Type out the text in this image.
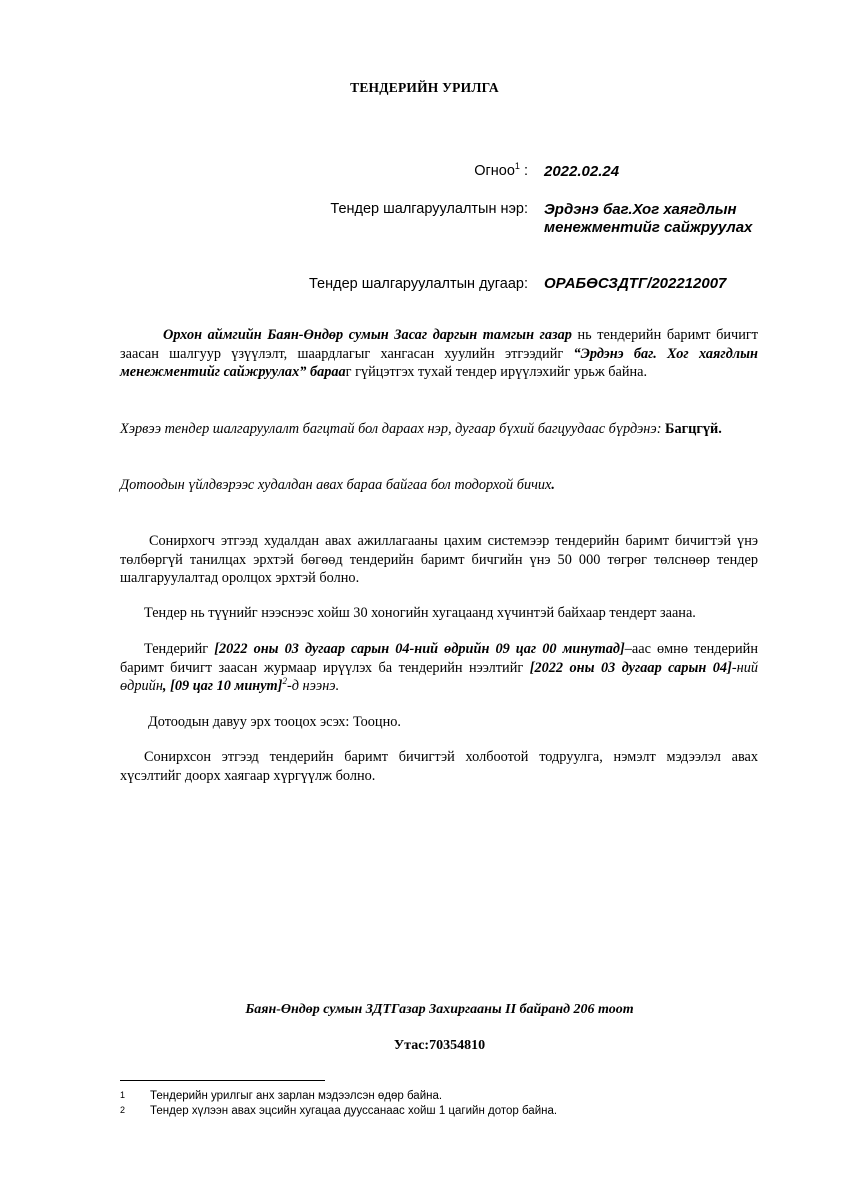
ТЕНДЕРИЙН УРИЛГА
Огноо$^1$ : 2022.02.24
Тендер шалгаруулалтын нэр: Эрдэнэ баг.Хог хаягдлын менежментийг сайжруулах
Тендер шалгаруулалтын дугаар: ОРАБӨСЗДТГ/202212007

Орхон аймгийн Баян-Өндөр сумын Засаг даргын тамгын газар нь тендерийн баримт бичигт заасан шалгуур үзүүлэлт, шаардлагыг хангасан хуулийн этгээдийг “Эрдэнэ баг. Хог хаягдлын менежментийг сайжруулах” барааг гүйцэтгэх тухай тендер ирүүлэхийг урьж байна.

Хэрвээ тендер шалгаруулалт багцтай бол дараах нэр, дугаар бүхий багцуудаас бүрдэнэ: Багцгүй.

Дотоодын үйлдвэрээс худалдан авах бараа байгаа бол тодорхой бичих.

Сонирхогч этгээд худалдан авах ажиллагааны цахим системээр тендерийн баримт бичигтэй үнэ төлбөргүй танилцах эрхтэй бөгөөд тендерийн баримт бичгийн үнэ 50 000 төгрөг төлснөөр тендер шалгаруулалтад оролцох эрхтэй болно.

Тендер нь түүнийг нээснээс хойш 30 хоногийн хугацаанд хүчинтэй байхаар тендерт заана.

Тендерийг [2022 оны 03 дугаар сарын 04-ний өдрийн 09 цаг 00 минутад]–аас өмнө тендерийн баримт бичигт заасан журмаар ирүүлэх ба тендерийн нээлтийг [2022 оны 03 дугаар сарын 04]-ний өдрийн, [09 цаг 10 минут]$^2$-д нээнэ.

Дотоодын давуу эрх тооцох эсэх: Тооцно.

Сонирхсон этгээд тендерийн баримт бичигтэй холбоотой тодруулга, нэмэлт мэдээлэл авах хүсэлтийг доорх хаягаар хүргүүлж болно.

Баян-Өндөр сумын ЗДТГазар Захиргааны II байранд 206 тоот
Утас:70354810
1 Тендерийн урилгыг анх зарлан мэдээлсэн өдөр байна.
2 Тендер хүлээн авах эцсийн хугацаа дууссанаас хойш 1 цагийн дотор байна.
